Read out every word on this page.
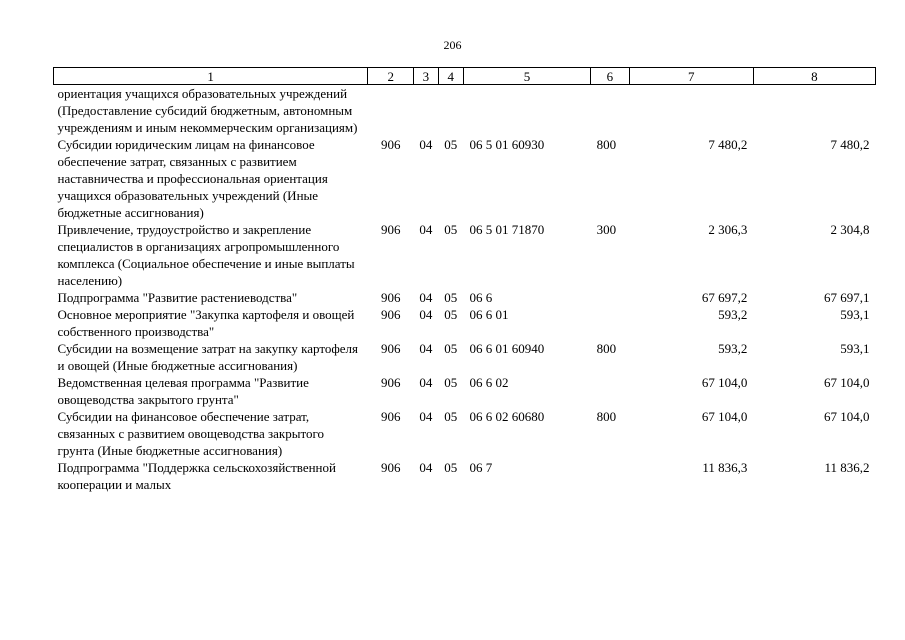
206
1	2	3	4	5	6	7	8
ориентация учащихся образовательных учреждений (Предоставление субсидий бюджетным, автономным учреждениям и иным некоммерческим организациям)							
Субсидии юридическим лицам на финансовое обеспечение затрат, связанных с развитием наставничества и профессиональная ориентация учащихся образовательных учреждений (Иные бюджетные ассигнования)	906	04	05	06 5 01 60930	800	7 480,2	7 480,2
Привлечение, трудоустройство и закрепление специалистов в организациях агропромышленного комплекса (Социальное обеспечение и иные выплаты населению)	906	04	05	06 5 01 71870	300	2 306,3	2 304,8
Подпрограмма "Развитие растениеводства"	906	04	05	06 6		67 697,2	67 697,1
Основное мероприятие "Закупка картофеля и овощей собственного производства"	906	04	05	06 6 01		593,2	593,1
Субсидии на возмещение затрат на закупку картофеля и овощей (Иные бюджетные ассигнования)	906	04	05	06 6 01 60940	800	593,2	593,1
Ведомственная целевая программа "Развитие овощеводства закрытого грунта"	906	04	05	06 6 02		67 104,0	67 104,0
Субсидии на финансовое обеспечение затрат, связанных с развитием овощеводства закрытого грунта (Иные бюджетные ассигнования)	906	04	05	06 6 02 60680	800	67 104,0	67 104,0
Подпрограмма "Поддержка сельскохозяйственной кооперации и малых	906	04	05	06 7		11 836,3	11 836,2
